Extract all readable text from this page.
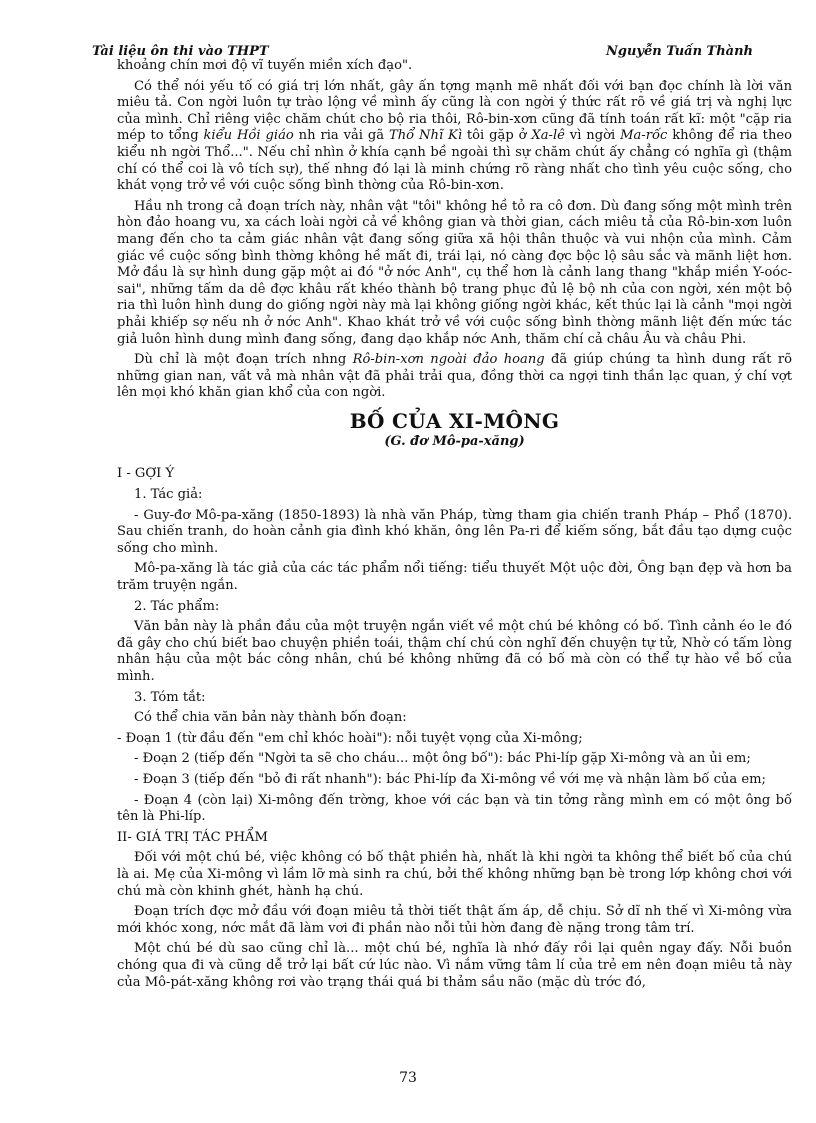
Tài liệu ôn thi vào THPT	Nguyễn Tuấn Thành

khoảng chín mơi độ vĩ tuyến miền xích đạo".

Có thể nói yếu tố có giá trị lớn nhất, gây ấn tợng mạnh mẽ nhất đối với bạn đọc chính là lời văn miêu tả. Con ngời luôn tự trào lộng về mình ấy cũng là con ngời ý thức rất rõ về giá trị và nghị lực của mình. Chỉ riêng việc chăm chút cho bộ ria thôi, Rô-bin-xơn cũng đã tính toán rất kĩ: một "cặp ria mép to tổng kiểu Hồi giáo nh ria vải gã Thổ Nhĩ Kì tôi gặp ở Xa-lê vì ngời Ma-rốc không để ria theo kiểu nh ngời Thổ...". Nếu chỉ nhìn ở khía cạnh bề ngoài thì sự chăm chút ấy chẳng có nghĩa gì (thậm chí có thể coi là vô tích sự), thế nhng đó lại là minh chứng rõ ràng nhất cho tình yêu cuộc sống, cho khát vọng trở về với cuộc sống bình thờng của Rô-bin-xơn.

Hầu nh trong cả đoạn trích này, nhân vật "tôi" không hề tỏ ra cô đơn. Dù đang sống một mình trên hòn đảo hoang vu, xa cách loài ngời cả về không gian và thời gian, cách miêu tả của Rô-bin-xơn luôn mang đến cho ta cảm giác nhân vật đang sống giữa xã hội thân thuộc và vui nhộn của mình. Cảm giác về cuộc sống bình thờng không hề mất đi, trái lại, nó càng đợc bộc lộ sâu sắc và mãnh liệt hơn. Mở đầu là sự hình dung gặp một ai đó "ở nớc Anh", cụ thể hơn là cảnh lang thang "khắp miền Y-oóc-sai", những tấm da dê đợc khâu rất khéo thành bộ trang phục đủ lệ bộ nh của con ngời, xén một bộ ria thì luôn hình dung do giống ngời này mà lại không giống ngời khác, kết thúc lại là cảnh "mọi ngời phải khiếp sợ nếu nh ở nớc Anh". Khao khát trở về với cuộc sống bình thờng mãnh liệt đến mức tác giả luôn hình dung mình đang sống, đang dạo khắp nớc Anh, thăm chí cả châu Âu và châu Phi.

Dù chỉ là một đoạn trích nhng Rô-bin-xơn ngoài đảo hoang đã giúp chúng ta hình dung rất rõ những gian nan, vất vả mà nhân vật đã phải trải qua, đồng thời ca ngợi tinh thần lạc quan, ý chí vợt lên mọi khó khăn gian khổ của con ngời.

BỐ CỦA XI-MÔNG
(G. đơ Mô-pa-xăng)

I - GỢI Ý

1. Tác giả:

- Guy-đơ Mô-pa-xăng (1850-1893) là nhà văn Pháp, từng tham gia chiến tranh Pháp – Phổ (1870). Sau chiến tranh, do hoàn cảnh gia đình khó khăn, ông lên Pa-ri để kiếm sống, bắt đầu tạo dựng cuộc sống cho mình.

Mô-pa-xăng là tác giả của các tác phẩm nổi tiếng: tiểu thuyết Một uộc đời, Ông bạn đẹp và hơn ba trăm truyện ngắn.

2. Tác phẩm:

Văn bản này là phần đầu của một truyện ngắn viết về một chú bé không có bố. Tình cảnh éo le đó đã gây cho chú biết bao chuyện phiền toái, thậm chí chú còn nghĩ đến chuyện tự tử, Nhờ có tấm lòng nhân hậu của một bác công nhân, chú bé không những đã có bố mà còn có thể tự hào về bố của mình.

3. Tóm tắt:

Có thể chia văn bản này thành bốn đoạn:

- Đoạn 1 (từ đầu đến "em chỉ khóc hoài"): nỗi tuyệt vọng của Xi-mông;

- Đoạn 2 (tiếp đến "Ngời ta sẽ cho cháu... một ông bố"): bác Phi-líp gặp Xi-mông và an ủi em;

- Đoạn 3 (tiếp đến "bỏ đi rất nhanh"): bác Phi-líp đa Xi-mông về với mẹ và nhận làm bố của em;

- Đoạn 4 (còn lại) Xi-mông đến trờng, khoe với các bạn và tin tởng rằng mình em có một ông bố tên là Phi-líp.

II- GIÁ TRỊ TÁC PHẨM

Đối với một chú bé, việc không có bố thật phiền hà, nhất là khi ngời ta không thể biết bố của chú là ai. Mẹ của Xi-mông vì lầm lỡ mà sinh ra chú, bởi thế không những bạn bè trong lớp không chơi với chú mà còn khinh ghét, hành hạ chú.

Đoạn trích đợc mở đầu với đoạn miêu tả thời tiết thật ấm áp, dễ chịu. Sở dĩ nh thế vì Xi-mông vừa mới khóc xong, nớc mắt đã làm vơi đi phần nào nỗi tủi hờn đang đè nặng trong tâm trí.

Một chú bé dù sao cũng chỉ là... một chú bé, nghĩa là nhớ đấy rồi lại quên ngay đấy. Nỗi buồn chóng qua đi và cũng dễ trở lại bất cứ lúc nào. Vì nắm vững tâm lí của trẻ em nên đoạn miêu tả này của Mô-pát-xăng không rơi vào trạng thái quá bi thảm sầu não (mặc dù trớc đó,

73
